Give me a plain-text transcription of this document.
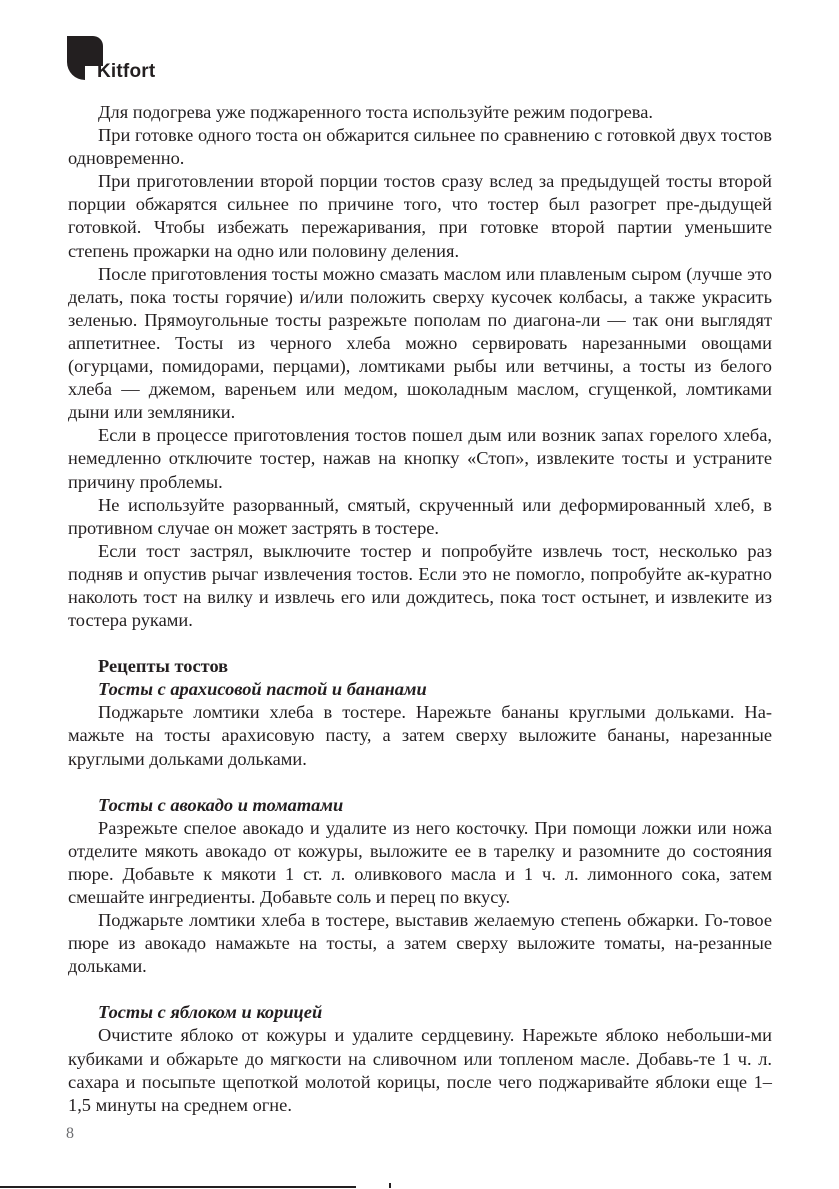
Kitfort

Для подогрева уже поджаренного тоста используйте режим подогрева.

При готовке одного тоста он обжарится сильнее по сравнению с готовкой двух тостов одновременно.

При приготовлении второй порции тостов сразу вслед за предыдущей тосты второй порции обжарятся сильнее по причине того, что тостер был разогрет пре-дыдущей готовкой. Чтобы избежать пережаривания, при готовке второй партии уменьшите степень прожарки на одно или половину деления.

После приготовления тосты можно смазать маслом или плавленым сыром (лучше это делать, пока тосты горячие) и/или положить сверху кусочек колбасы, а также украсить зеленью. Прямоугольные тосты разрежьте пополам по диагона-ли — так они выглядят аппетитнее. Тосты из черного хлеба можно сервировать нарезанными овощами (огурцами, помидорами, перцами), ломтиками рыбы или ветчины, а тосты из белого хлеба — джемом, вареньем или медом, шоколадным маслом, сгущенкой, ломтиками дыни или земляники.

Если в процессе приготовления тостов пошел дым или возник запах горелого хлеба, немедленно отключите тостер, нажав на кнопку «Стоп», извлеките тосты и устраните причину проблемы.

Не используйте разорванный, смятый, скрученный или деформированный хлеб, в противном случае он может застрять в тостере.

Если тост застрял, выключите тостер и попробуйте извлечь тост, несколько раз подняв и опустив рычаг извлечения тостов. Если это не помогло, попробуйте ак-куратно наколоть тост на вилку и извлечь его или дождитесь, пока тост остынет, и извлеките из тостера руками.

Рецепты тостов
Тосты с арахисовой пастой и бананами

Поджарьте ломтики хлеба в тостере. Нарежьте бананы круглыми дольками. На-мажьте на тосты арахисовую пасту, а затем сверху выложите бананы, нарезанные круглыми дольками дольками.

Тосты с авокадо и томатами

Разрежьте спелое авокадо и удалите из него косточку. При помощи ложки или ножа отделите мякоть авокадо от кожуры, выложите ее в тарелку и разомните до состояния пюре. Добавьте к мякоти 1 ст. л. оливкового масла и 1 ч. л. лимонного сока, затем смешайте ингредиенты. Добавьте соль и перец по вкусу.

Поджарьте ломтики хлеба в тостере, выставив желаемую степень обжарки. Го-товое пюре из авокадо намажьте на тосты, а затем сверху выложите томаты, на-резанные дольками.

Тосты с яблоком и корицей

Очистите яблоко от кожуры и удалите сердцевину. Нарежьте яблоко небольши-ми кубиками и обжарьте до мягкости на сливочном или топленом масле. Добавь-те 1 ч. л. сахара и посыпьте щепоткой молотой корицы, после чего поджаривайте яблоки еще 1–1,5 минуты на среднем огне.

8
